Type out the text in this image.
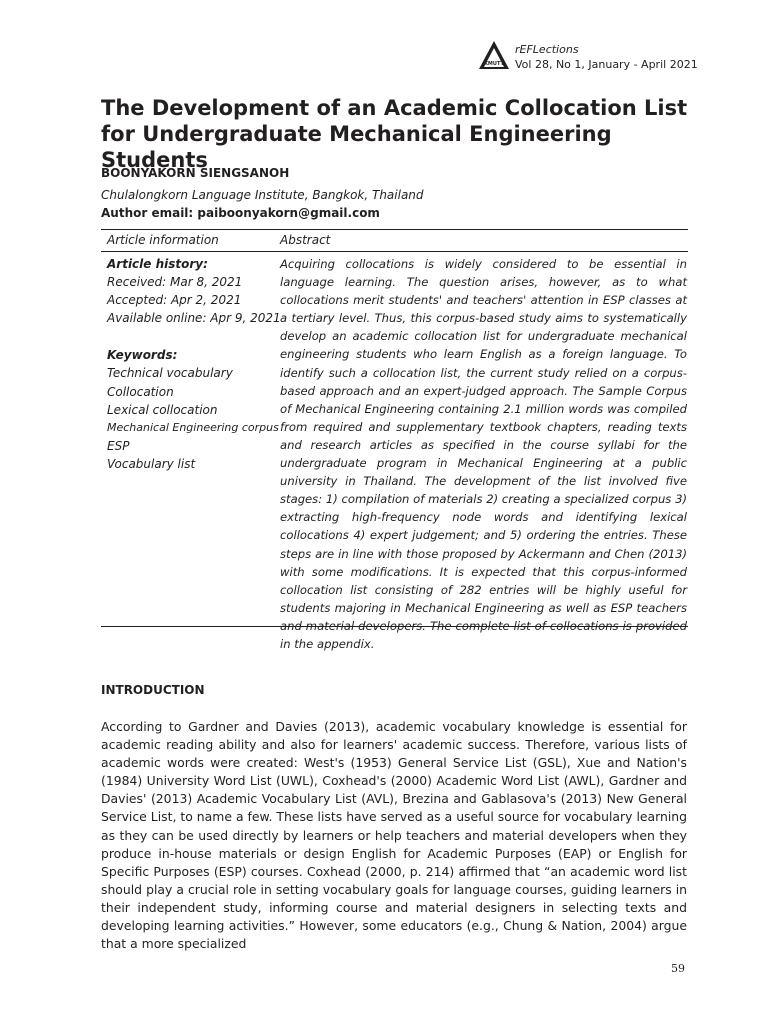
KMUTT
rEFLections
Vol 28, No 1, January - April 2021
The Development of an Academic Collocation List for Undergraduate Mechanical Engineering Students
BOONYAKORN SIENGSANOH
Chulalongkorn Language Institute, Bangkok, Thailand
Author email: paiboonyakorn@gmail.com
Article information	Abstract
Article history:
Received: Mar 8, 2021
Accepted: Apr 2, 2021
Available online: Apr 9, 2021
Keywords:
Technical vocabulary
Collocation
Lexical collocation
Mechanical Engineering corpus
ESP
Vocabulary list

Acquiring collocations is widely considered to be essential in language learning. The question arises, however, as to what collocations merit students' and teachers' attention in ESP classes at a tertiary level. Thus, this corpus-based study aims to systematically develop an academic collocation list for undergraduate mechanical engineering students who learn English as a foreign language. To identify such a collocation list, the current study relied on a corpus-based approach and an expert-judged approach. The Sample Corpus of Mechanical Engineering containing 2.1 million words was compiled from required and supplementary textbook chapters, reading texts and research articles as specified in the course syllabi for the undergraduate program in Mechanical Engineering at a public university in Thailand. The development of the list involved five stages: 1) compilation of materials 2) creating a specialized corpus 3) extracting high-frequency node words and identifying lexical collocations 4) expert judgement; and 5) ordering the entries. These steps are in line with those proposed by Ackermann and Chen (2013) with some modifications. It is expected that this corpus-informed collocation list consisting of 282 entries will be highly useful for students majoring in Mechanical Engineering as well as ESP teachers and material developers. The complete list of collocations is provided in the appendix.

INTRODUCTION

According to Gardner and Davies (2013), academic vocabulary knowledge is essential for academic reading ability and also for learners' academic success. Therefore, various lists of academic words were created: West's (1953) General Service List (GSL), Xue and Nation's (1984) University Word List (UWL), Coxhead's (2000) Academic Word List (AWL), Gardner and Davies' (2013) Academic Vocabulary List (AVL), Brezina and Gablasova's (2013) New General Service List, to name a few. These lists have served as a useful source for vocabulary learning as they can be used directly by learners or help teachers and material developers when they produce in-house materials or design English for Academic Purposes (EAP) or English for Specific Purposes (ESP) courses. Coxhead (2000, p. 214) affirmed that “an academic word list should play a crucial role in setting vocabulary goals for language courses, guiding learners in their independent study, informing course and material designers in selecting texts and developing learning activities.” However, some educators (e.g., Chung & Nation, 2004) argue that a more specialized

59
